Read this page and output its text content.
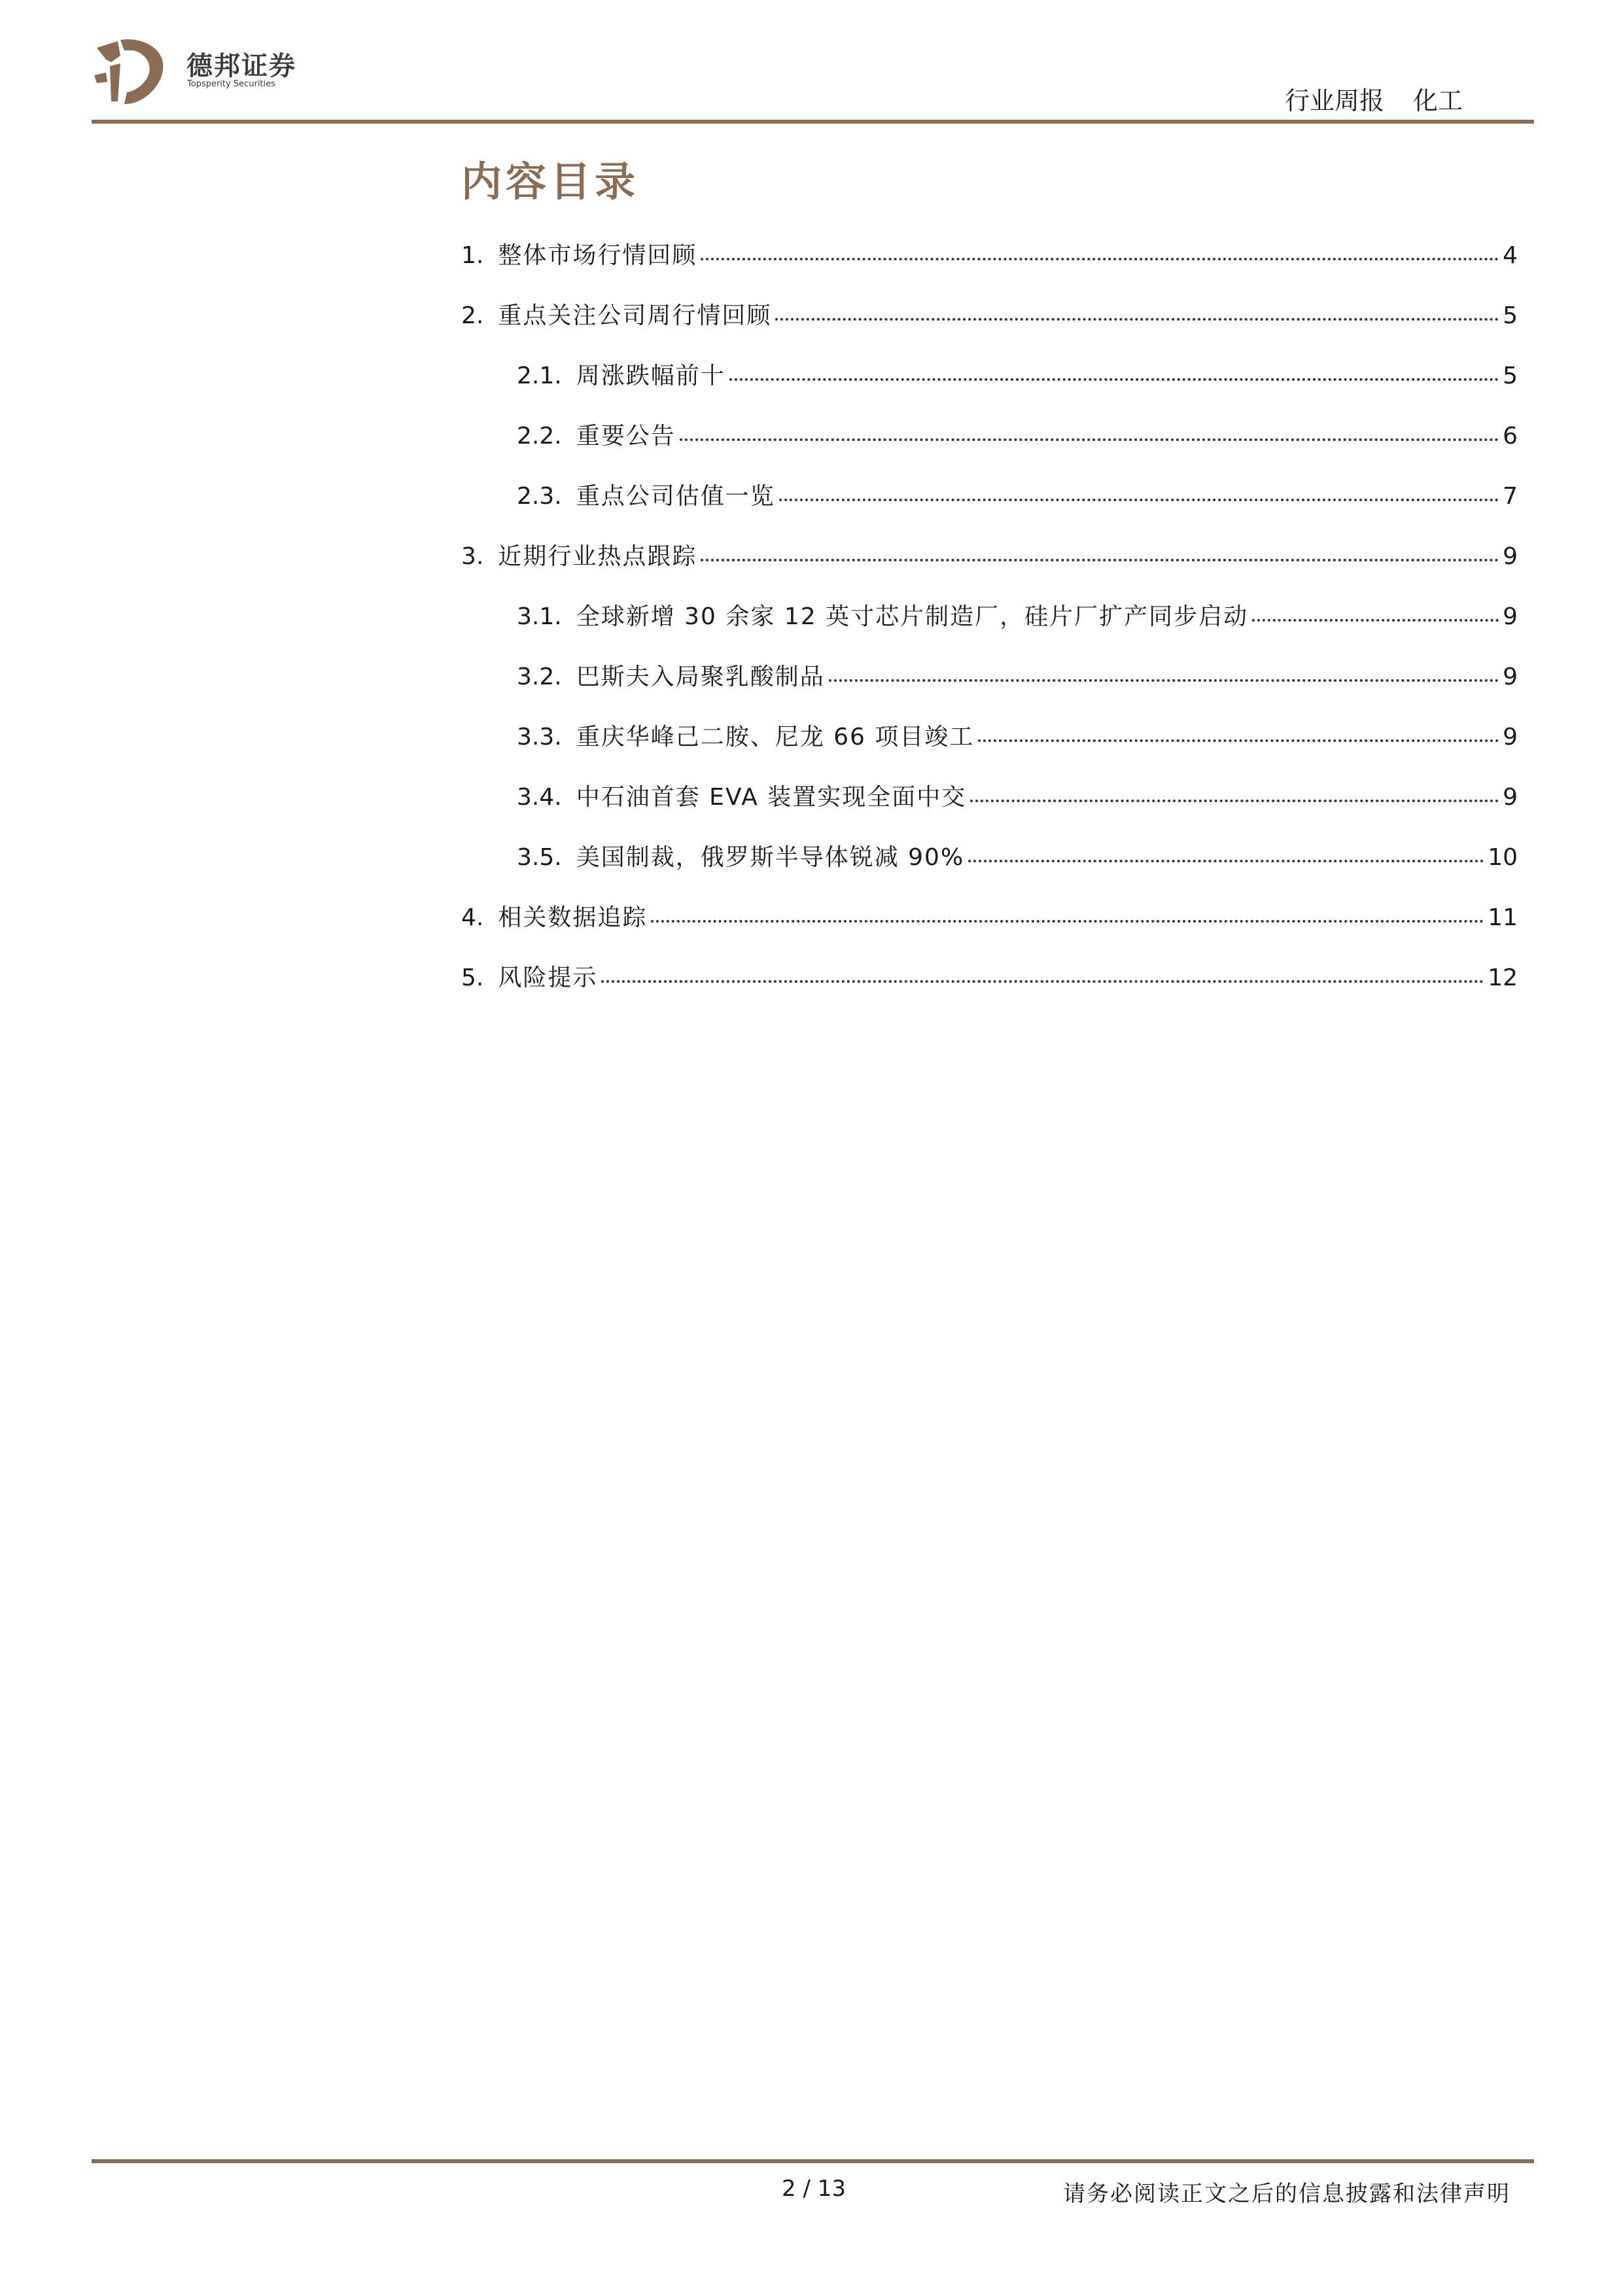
德邦证券
Topsperity Securities
行业周报 化工
内容目录
1. 整体市场行情回顾	4
2. 重点关注公司周行情回顾	5
2.1. 周涨跌幅前十	5
2.2. 重要公告	6
2.3. 重点公司估值一览	7
3. 近期行业热点跟踪	9
3.1. 全球新增 30 余家 12 英寸芯片制造厂，硅片厂扩产同步启动	9
3.2. 巴斯夫入局聚乳酸制品	9
3.3. 重庆华峰己二胺、尼龙 66 项目竣工	9
3.4. 中石油首套 EVA 装置实现全面中交	9
3.5. 美国制裁，俄罗斯半导体锐减 90%	10
4. 相关数据追踪	11
5. 风险提示	12
2 / 13	请务必阅读正文之后的信息披露和法律声明
